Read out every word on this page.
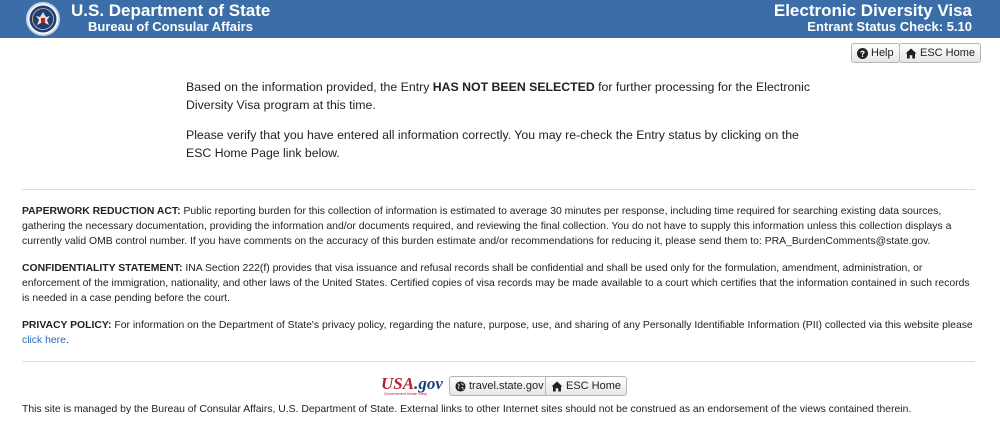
U.S. Department of State
Bureau of Consular Affairs
Electronic Diversity Visa
Entrant Status Check: 5.10
Help ESC Home
Based on the information provided, the Entry HAS NOT BEEN SELECTED for further processing for the Electronic Diversity Visa program at this time.
Please verify that you have entered all information correctly. You may re-check the Entry status by clicking on the ESC Home Page link below.
PAPERWORK REDUCTION ACT: Public reporting burden for this collection of information is estimated to average 30 minutes per response, including time required for searching existing data sources, gathering the necessary documentation, providing the information and/or documents required, and reviewing the final collection. You do not have to supply this information unless this collection displays a currently valid OMB control number. If you have comments on the accuracy of this burden estimate and/or recommendations for reducing it, please send them to: PRA_BurdenComments@state.gov.
CONFIDENTIALITY STATEMENT: INA Section 222(f) provides that visa issuance and refusal records shall be confidential and shall be used only for the formulation, amendment, administration, or enforcement of the immigration, nationality, and other laws of the United States. Certified copies of visa records may be made available to a court which certifies that the information contained in such records is needed in a case pending before the court.
PRIVACY POLICY: For information on the Department of State's privacy policy, regarding the nature, purpose, use, and sharing of any Personally Identifiable Information (PII) collected via this website please click here.
USA.gov
Government Made Easy
travel.state.gov ESC Home
This site is managed by the Bureau of Consular Affairs, U.S. Department of State. External links to other Internet sites should not be construed as an endorsement of the views contained therein.
